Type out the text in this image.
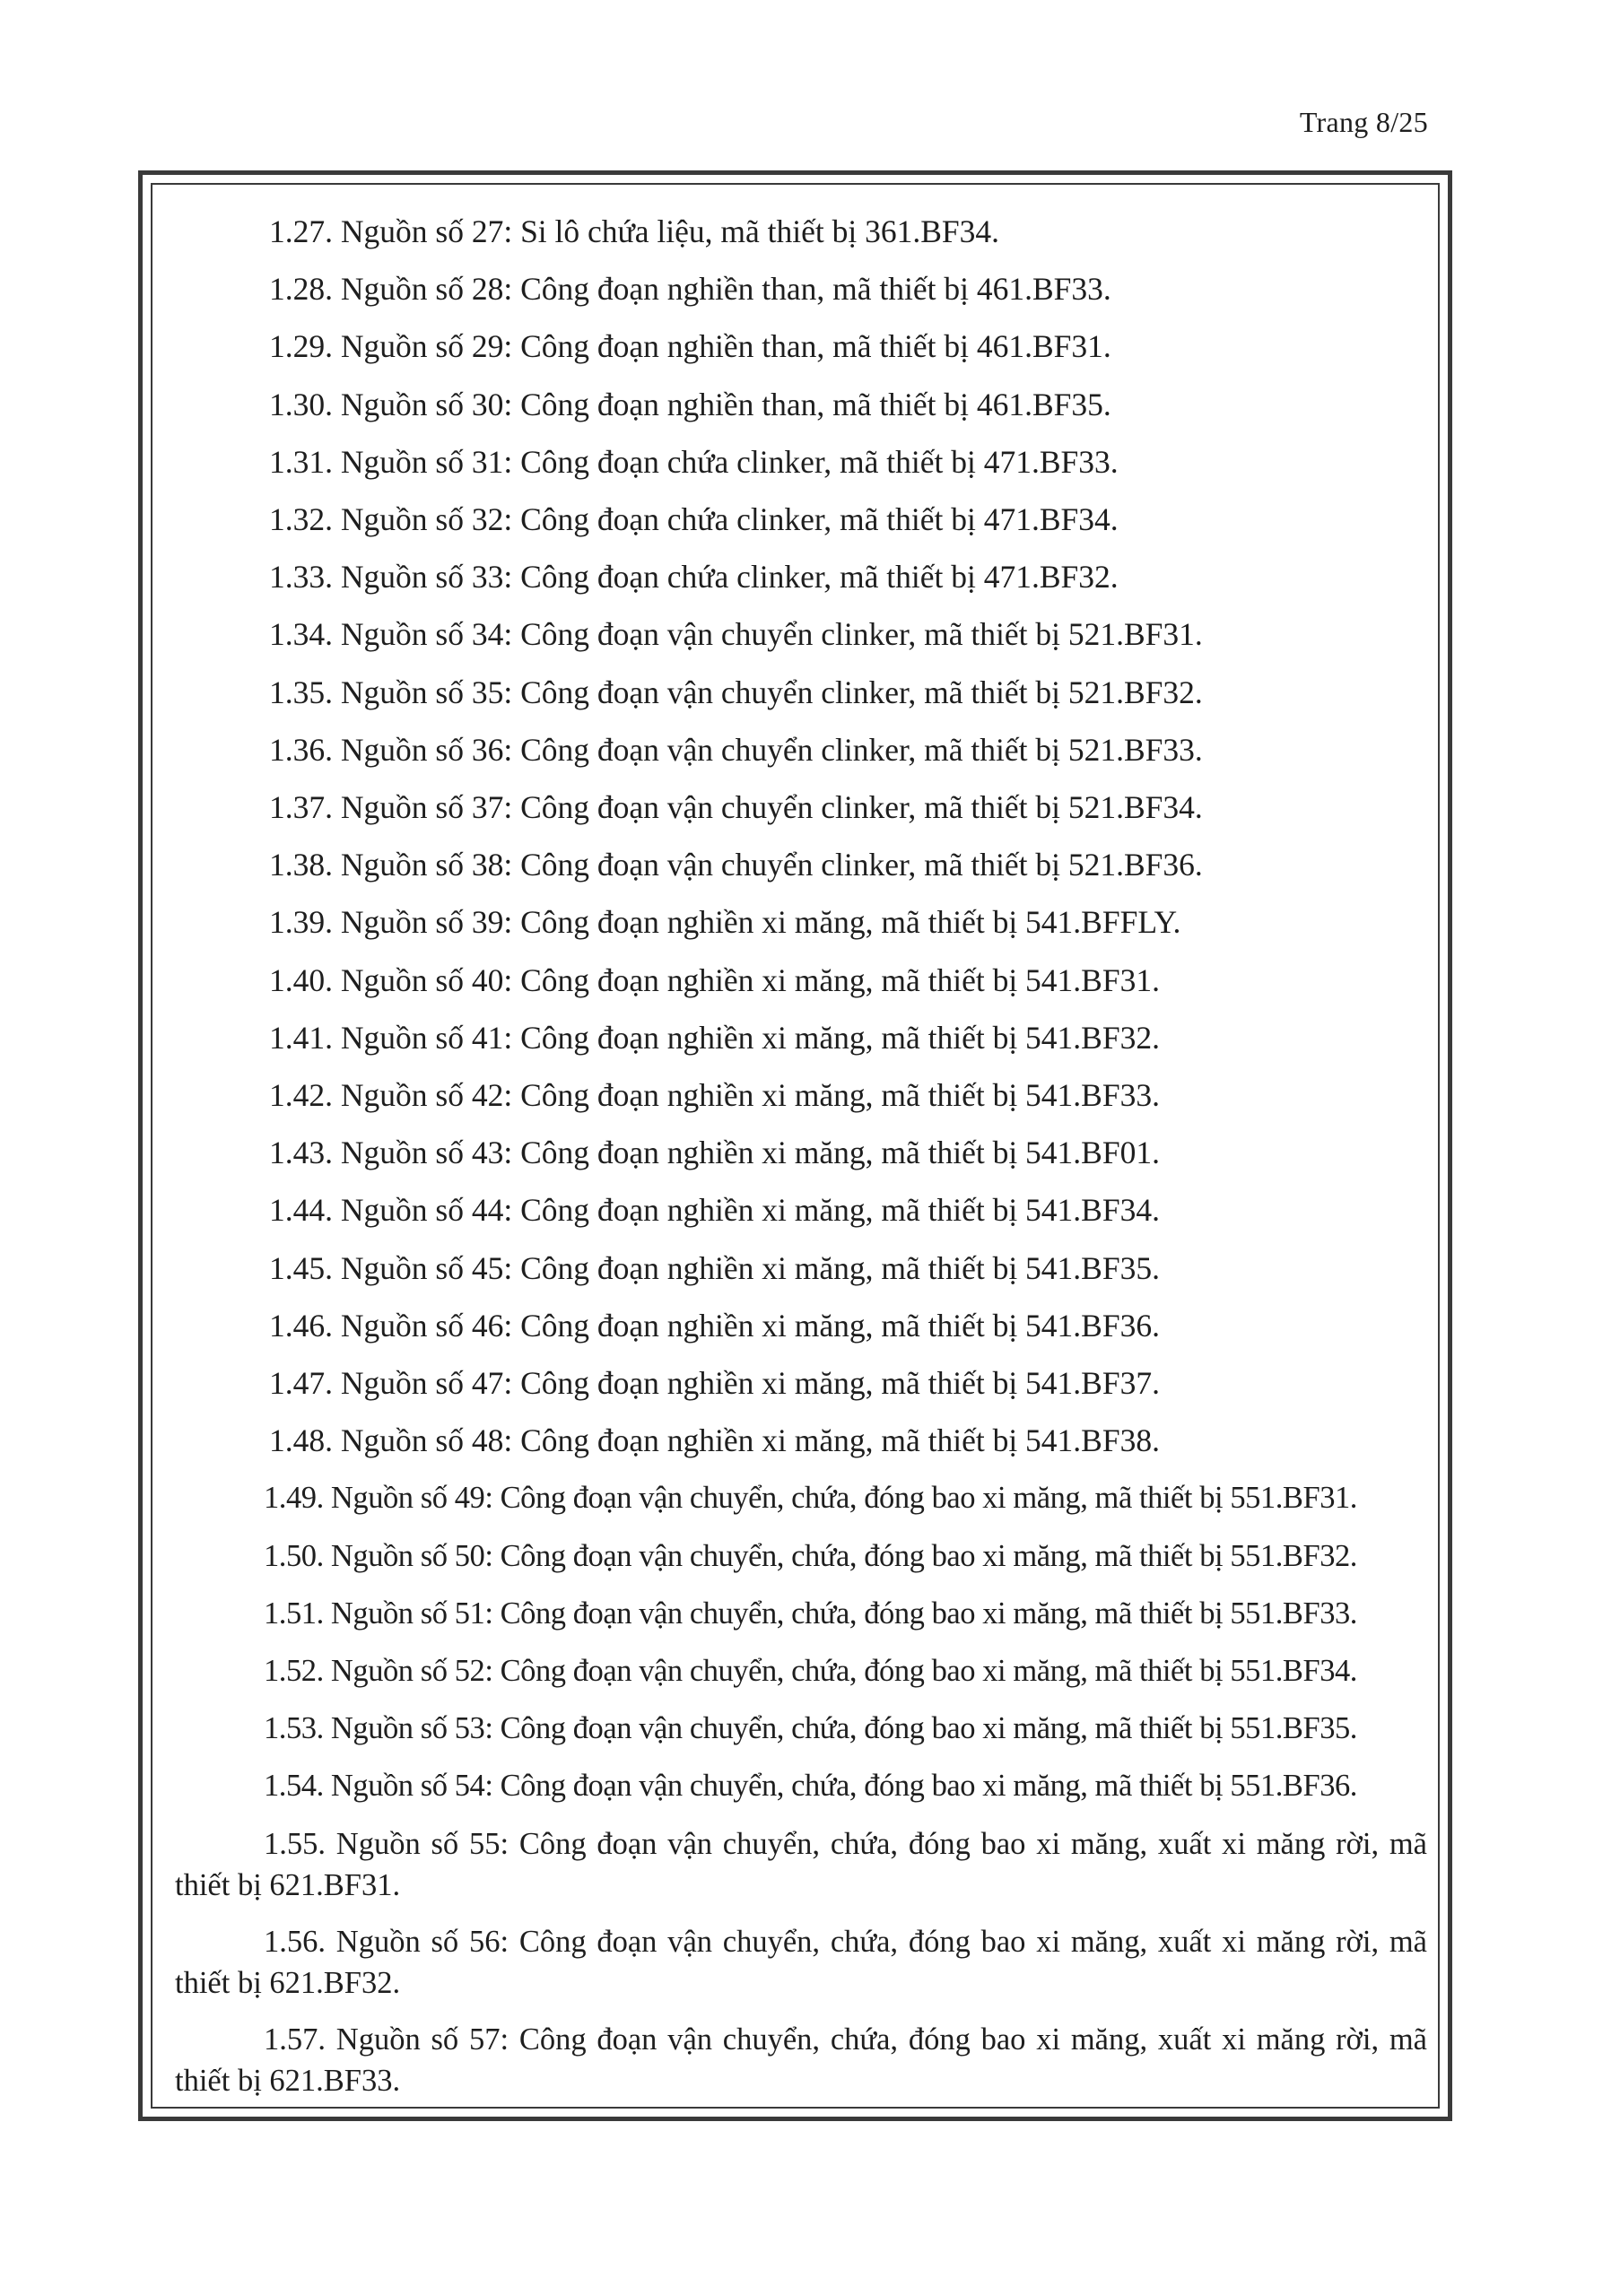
Trang 8/25

1.27. Nguồn số 27: Si lô chứa liệu, mã thiết bị 361.BF34.

1.28. Nguồn số 28: Công đoạn nghiền than, mã thiết bị 461.BF33.

1.29. Nguồn số 29: Công đoạn nghiền than, mã thiết bị 461.BF31.

1.30. Nguồn số 30: Công đoạn nghiền than, mã thiết bị 461.BF35.

1.31. Nguồn số 31: Công đoạn chứa clinker, mã thiết bị 471.BF33.

1.32. Nguồn số 32: Công đoạn chứa clinker, mã thiết bị 471.BF34.

1.33. Nguồn số 33: Công đoạn chứa clinker, mã thiết bị 471.BF32.

1.34. Nguồn số 34: Công đoạn vận chuyển clinker, mã thiết bị 521.BF31.

1.35. Nguồn số 35: Công đoạn vận chuyển clinker, mã thiết bị 521.BF32.

1.36. Nguồn số 36: Công đoạn vận chuyển clinker, mã thiết bị 521.BF33.

1.37. Nguồn số 37: Công đoạn vận chuyển clinker, mã thiết bị 521.BF34.

1.38. Nguồn số 38: Công đoạn vận chuyển clinker, mã thiết bị 521.BF36.

1.39. Nguồn số 39: Công đoạn nghiền xi măng, mã thiết bị 541.BFFLY.

1.40. Nguồn số 40: Công đoạn nghiền xi măng, mã thiết bị 541.BF31.

1.41. Nguồn số 41: Công đoạn nghiền xi măng, mã thiết bị 541.BF32.

1.42. Nguồn số 42: Công đoạn nghiền xi măng, mã thiết bị 541.BF33.

1.43. Nguồn số 43: Công đoạn nghiền xi măng, mã thiết bị 541.BF01.

1.44. Nguồn số 44: Công đoạn nghiền xi măng, mã thiết bị 541.BF34.

1.45. Nguồn số 45: Công đoạn nghiền xi măng, mã thiết bị 541.BF35.

1.46. Nguồn số 46: Công đoạn nghiền xi măng, mã thiết bị 541.BF36.

1.47. Nguồn số 47: Công đoạn nghiền xi măng, mã thiết bị 541.BF37.

1.48. Nguồn số 48: Công đoạn nghiền xi măng, mã thiết bị 541.BF38.

1.49. Nguồn số 49: Công đoạn vận chuyển, chứa, đóng bao xi măng, mã thiết bị 551.BF31.

1.50. Nguồn số 50: Công đoạn vận chuyển, chứa, đóng bao xi măng, mã thiết bị 551.BF32.

1.51. Nguồn số 51: Công đoạn vận chuyển, chứa, đóng bao xi măng, mã thiết bị 551.BF33.

1.52. Nguồn số 52: Công đoạn vận chuyển, chứa, đóng bao xi măng, mã thiết bị 551.BF34.

1.53. Nguồn số 53: Công đoạn vận chuyển, chứa, đóng bao xi măng, mã thiết bị 551.BF35.

1.54. Nguồn số 54: Công đoạn vận chuyển, chứa, đóng bao xi măng, mã thiết bị 551.BF36.

1.55. Nguồn số 55: Công đoạn vận chuyển, chứa, đóng bao xi măng, xuất xi măng rời, mã thiết bị 621.BF31.

1.56. Nguồn số 56: Công đoạn vận chuyển, chứa, đóng bao xi măng, xuất xi măng rời, mã thiết bị 621.BF32.

1.57. Nguồn số 57: Công đoạn vận chuyển, chứa, đóng bao xi măng, xuất xi măng rời, mã thiết bị 621.BF33.
